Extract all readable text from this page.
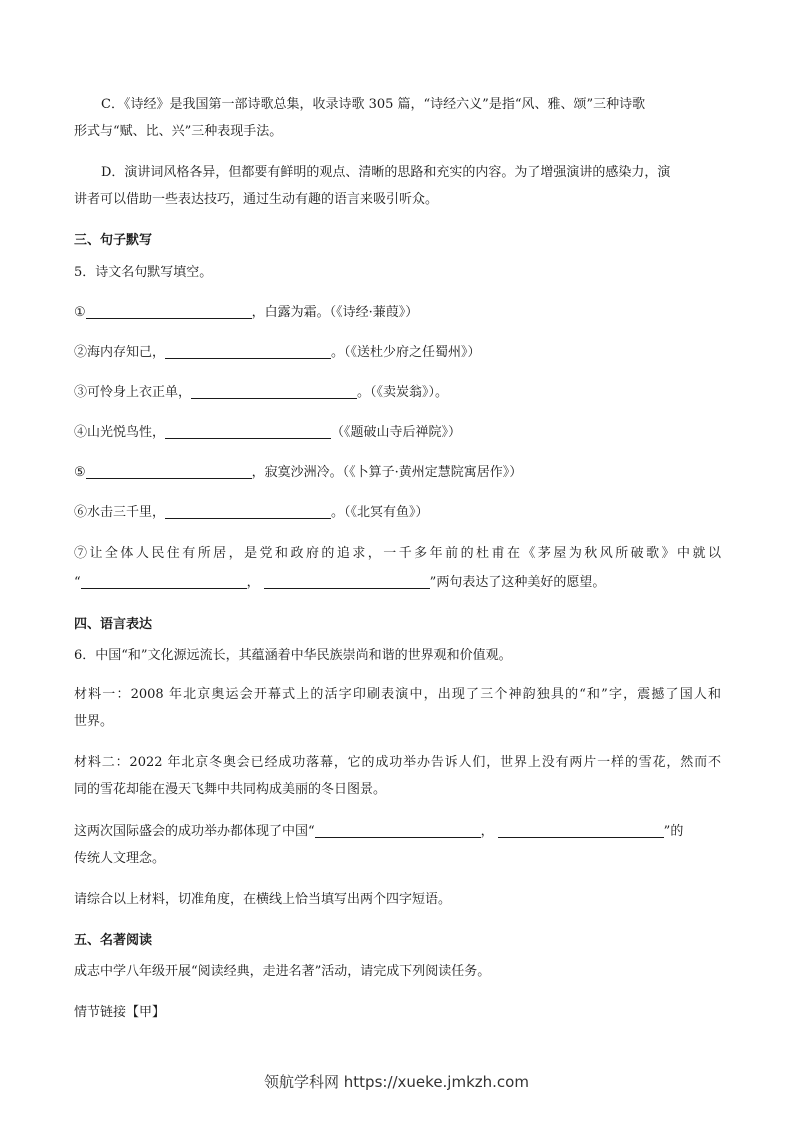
C．《诗经》是我国第一部诗歌总集，收录诗歌 305 篇，“诗经六义”是指“风、雅、颂”三种诗歌
形式与“赋、比、兴”三种表现手法。
D．演讲词风格各异，但都要有鲜明的观点、清晰的思路和充实的内容。为了增强演讲的感染力，演
讲者可以借助一些表达技巧，通过生动有趣的语言来吸引听众。
三、句子默写
5．诗文名句默写填空。
①	，白露为霜。（《诗经·蒹葭》）
②海内存知己，	。（《送杜少府之任蜀州》）
③可怜身上衣正单，	。（《卖炭翁》）。
④山光悦鸟性，	（《题破山寺后禅院》）
⑤	，寂寞沙洲冷。（《卜算子·黄州定慧院寓居作》）
⑥水击三千里，	。（《北冥有鱼》）
⑦让全体人民住有所居，是党和政府的追求，一千多年前的杜甫在《茅屋为秋风所破歌》中就以
“	，	”两句表达了这种美好的愿望。
四、语言表达
6．中国“和”文化源远流长，其蕴涵着中华民族崇尚和谐的世界观和价值观。
材料一：2008 年北京奥运会开幕式上的活字印刷表演中，出现了三个神韵独具的“和”字，震撼了国人和
世界。
材料二：2022 年北京冬奥会已经成功落幕，它的成功举办告诉人们，世界上没有两片一样的雪花，然而不
同的雪花却能在漫天飞舞中共同构成美丽的冬日图景。
这两次国际盛会的成功举办都体现了中国“	，	”的
传统人文理念。
请综合以上材料，切准角度，在横线上恰当填写出两个四字短语。
五、名著阅读
成志中学八年级开展“阅读经典，走进名著”活动，请完成下列阅读任务。
情节链接【甲】
领航学科网 https://xueke.jmkzh.com
